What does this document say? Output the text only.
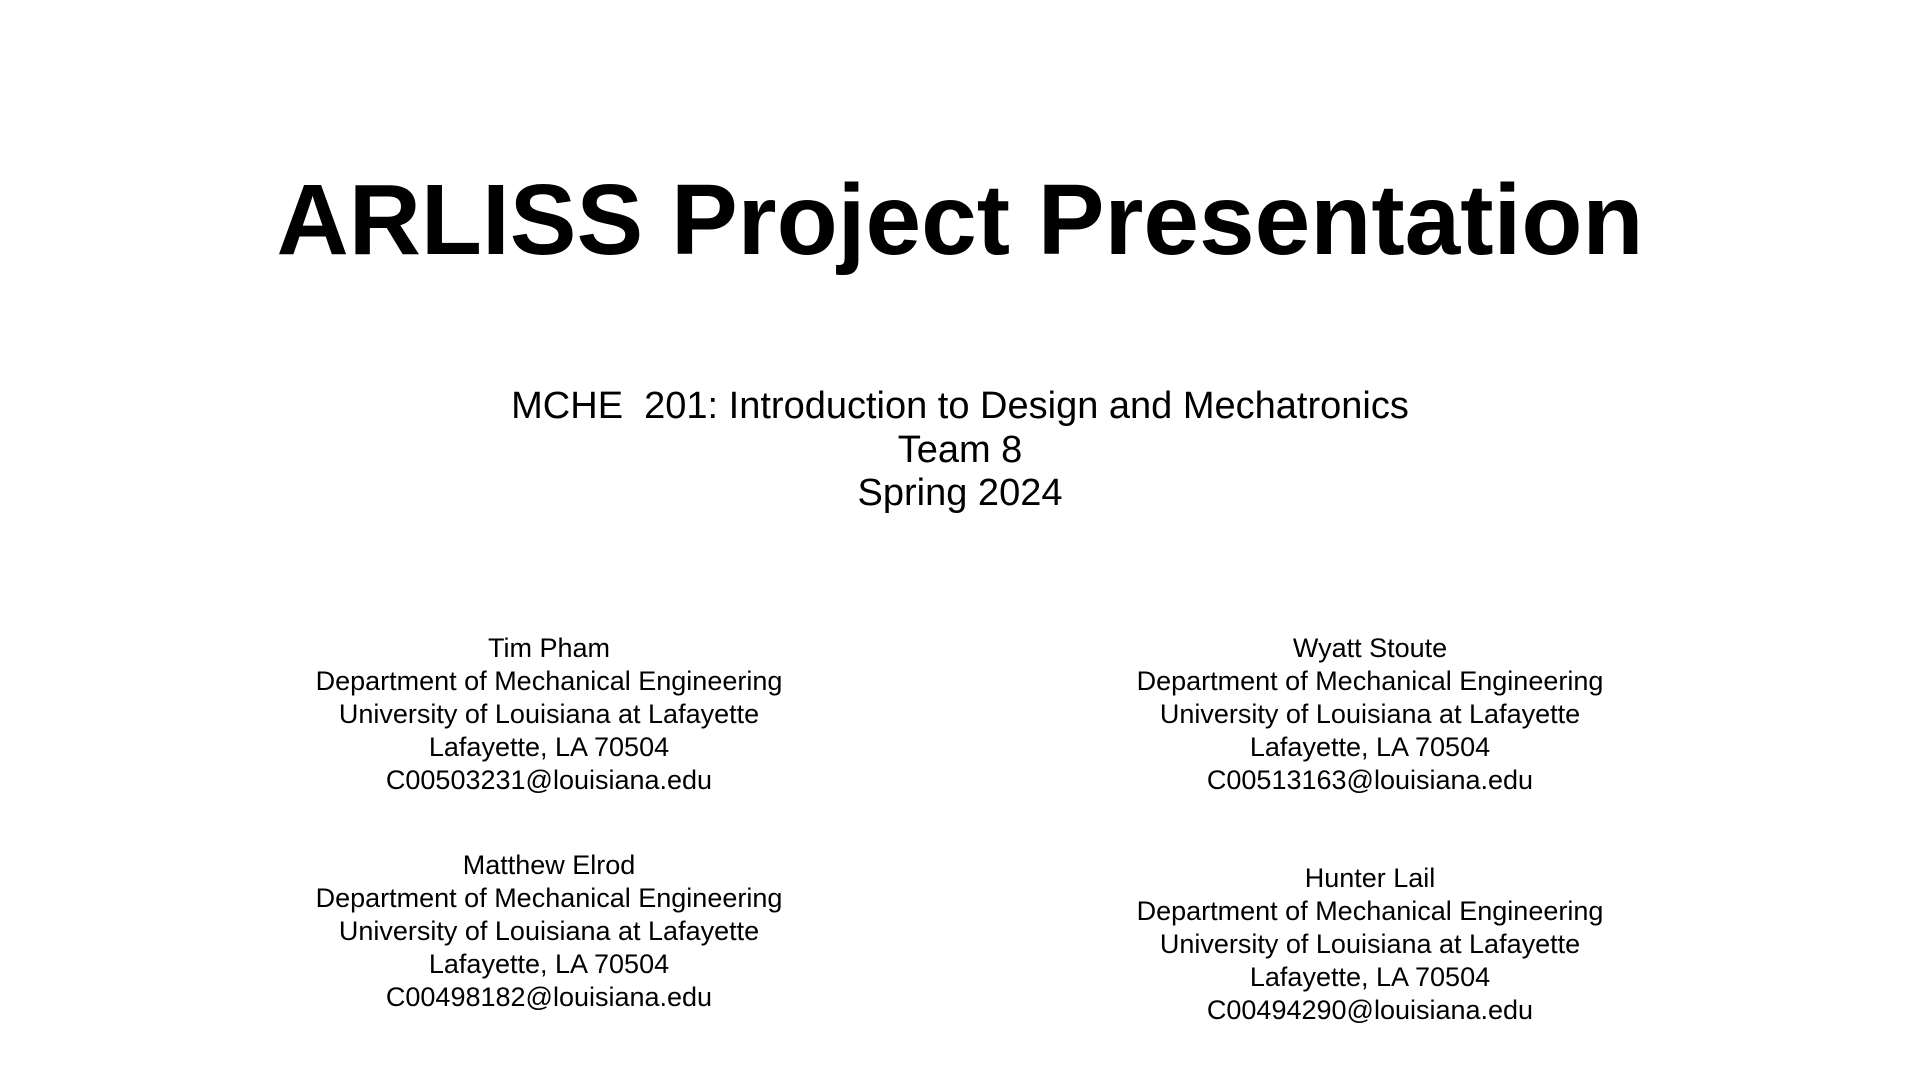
ARLISS Project Presentation
MCHE  201: Introduction to Design and Mechatronics
Team 8
Spring 2024
Tim Pham
Department of Mechanical Engineering
University of Louisiana at Lafayette
Lafayette, LA 70504
C00503231@louisiana.edu
Wyatt Stoute
Department of Mechanical Engineering
University of Louisiana at Lafayette
Lafayette, LA 70504
C00513163@louisiana.edu
Matthew Elrod
Department of Mechanical Engineering
University of Louisiana at Lafayette
Lafayette, LA 70504
C00498182@louisiana.edu
Hunter Lail
Department of Mechanical Engineering
University of Louisiana at Lafayette
Lafayette, LA 70504
C00494290@louisiana.edu
